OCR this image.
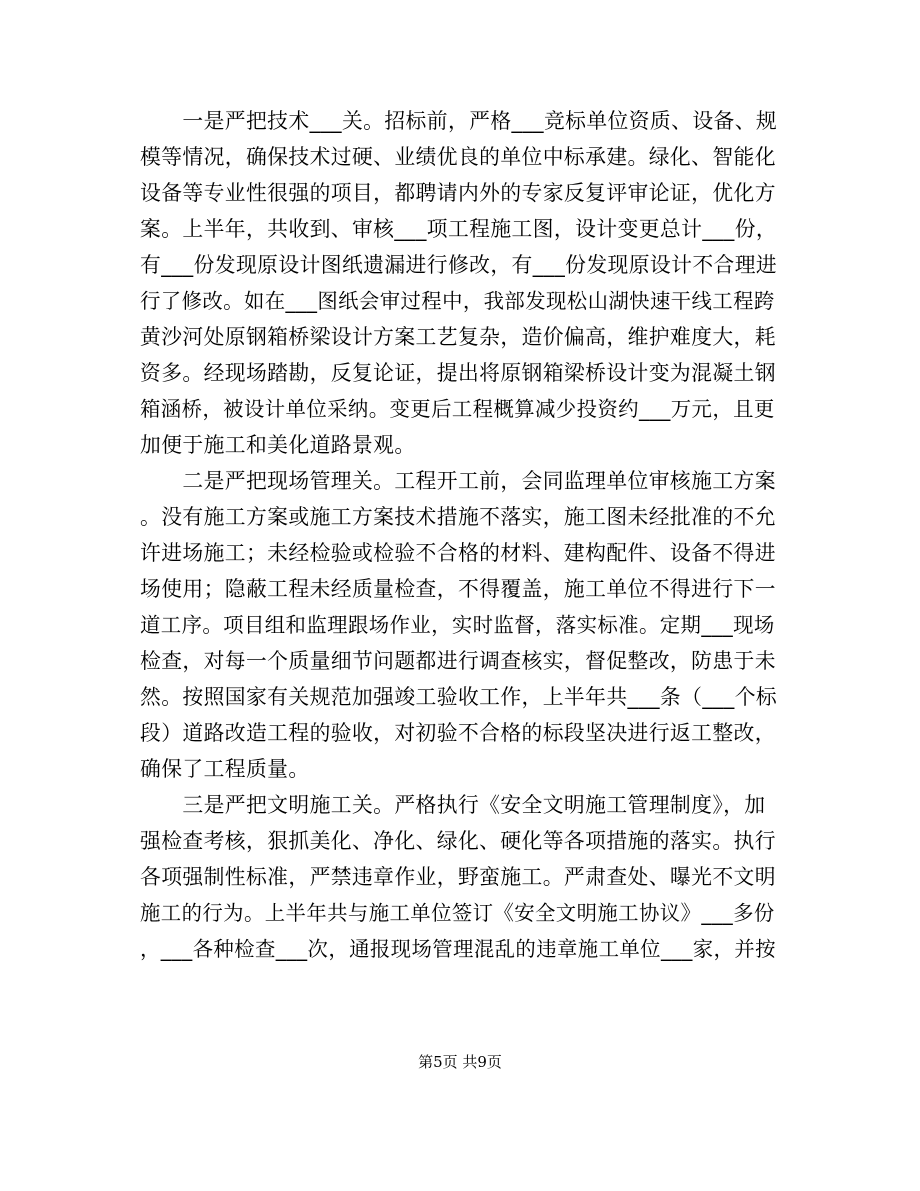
　　一是严把技术___关。招标前，严格___竞标单位资质、设备、规
模等情况，确保技术过硬、业绩优良的单位中标承建。绿化、智能化
设备等专业性很强的项目，都聘请内外的专家反复评审论证，优化方
案。上半年，共收到、审核___项工程施工图，设计变更总计___份，
有___份发现原设计图纸遗漏进行修改，有___份发现原设计不合理进
行了修改。如在___图纸会审过程中，我部发现松山湖快速干线工程跨
黄沙河处原钢箱桥梁设计方案工艺复杂，造价偏高，维护难度大，耗
资多。经现场踏勘，反复论证，提出将原钢箱梁桥设计变为混凝土钢
箱涵桥，被设计单位采纳。变更后工程概算减少投资约___万元，且更
加便于施工和美化道路景观。
　　二是严把现场管理关。工程开工前，会同监理单位审核施工方案
。没有施工方案或施工方案技术措施不落实，施工图未经批准的不允
许进场施工；未经检验或检验不合格的材料、建构配件、设备不得进
场使用；隐蔽工程未经质量检查，不得覆盖，施工单位不得进行下一
道工序。项目组和监理跟场作业，实时监督，落实标准。定期___现场
检查，对每一个质量细节问题都进行调查核实，督促整改，防患于未
然。按照国家有关规范加强竣工验收工作，上半年共___条（___个标
段）道路改造工程的验收，对初验不合格的标段坚决进行返工整改，
确保了工程质量。
　　三是严把文明施工关。严格执行《安全文明施工管理制度》，加
强检查考核，狠抓美化、净化、绿化、硬化等各项措施的落实。执行
各项强制性标准，严禁违章作业，野蛮施工。严肃查处、曝光不文明
施工的行为。上半年共与施工单位签订《安全文明施工协议》___多份
，___各种检查___次，通报现场管理混乱的违章施工单位___家，并按
第5页 共9页
